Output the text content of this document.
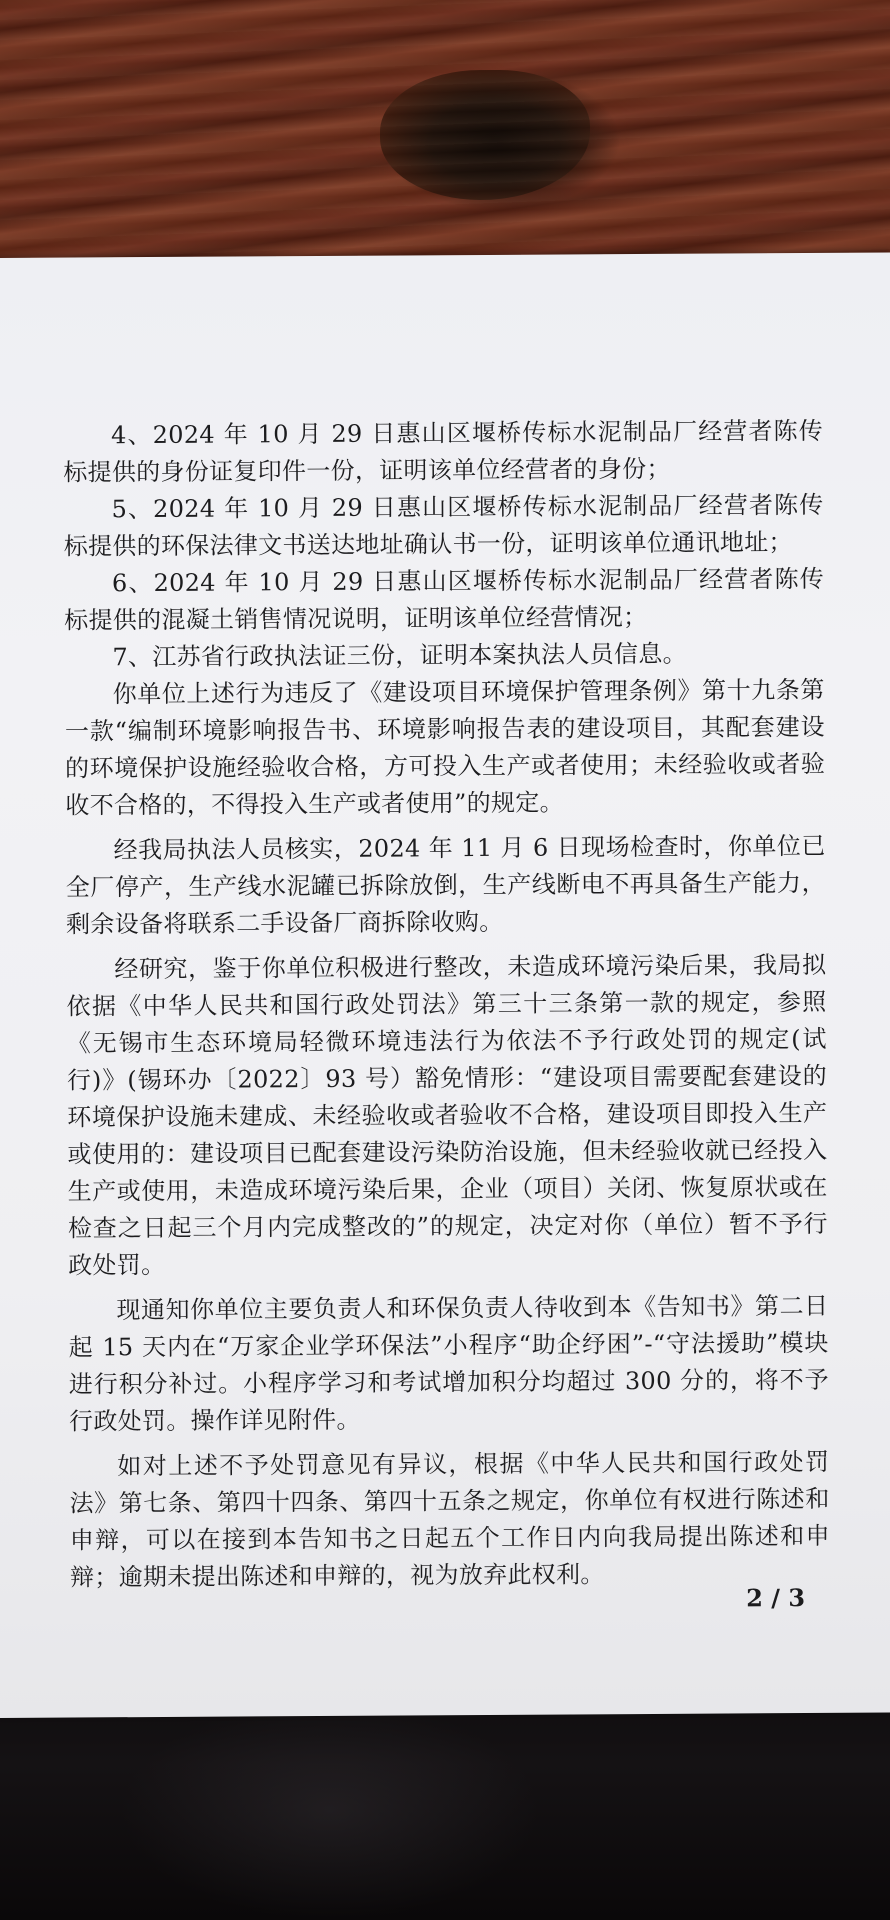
4、2024 年 10 月 29 日惠山区堰桥传标水泥制品厂经营者陈传标提供的身份证复印件一份，证明该单位经营者的身份；

5、2024 年 10 月 29 日惠山区堰桥传标水泥制品厂经营者陈传标提供的环保法律文书送达地址确认书一份，证明该单位通讯地址；

6、2024 年 10 月 29 日惠山区堰桥传标水泥制品厂经营者陈传标提供的混凝土销售情况说明，证明该单位经营情况；

7、江苏省行政执法证三份，证明本案执法人员信息。

你单位上述行为违反了《建设项目环境保护管理条例》第十九条第一款“编制环境影响报告书、环境影响报告表的建设项目，其配套建设的环境保护设施经验收合格，方可投入生产或者使用；未经验收或者验收不合格的，不得投入生产或者使用”的规定。

经我局执法人员核实，2024 年 11 月 6 日现场检查时，你单位已全厂停产，生产线水泥罐已拆除放倒，生产线断电不再具备生产能力，剩余设备将联系二手设备厂商拆除收购。

经研究，鉴于你单位积极进行整改，未造成环境污染后果，我局拟依据《中华人民共和国行政处罚法》第三十三条第一款的规定，参照《无锡市生态环境局轻微环境违法行为依法不予行政处罚的规定(试行)》(锡环办〔2022〕93 号）豁免情形：“建设项目需要配套建设的环境保护设施未建成、未经验收或者验收不合格，建设项目即投入生产或使用的：建设项目已配套建设污染防治设施，但未经验收就已经投入生产或使用，未造成环境污染后果，企业（项目）关闭、恢复原状或在检查之日起三个月内完成整改的”的规定，决定对你（单位）暂不予行政处罚。

现通知你单位主要负责人和环保负责人待收到本《告知书》第二日起 15 天内在“万家企业学环保法”小程序“助企纾困”-“守法援助”模块进行积分补过。小程序学习和考试增加积分均超过 300 分的，将不予行政处罚。操作详见附件。

如对上述不予处罚意见有异议，根据《中华人民共和国行政处罚法》第七条、第四十四条、第四十五条之规定，你单位有权进行陈述和申辩，可以在接到本告知书之日起五个工作日内向我局提出陈述和申辩；逾期未提出陈述和申辩的，视为放弃此权利。

2 / 3
